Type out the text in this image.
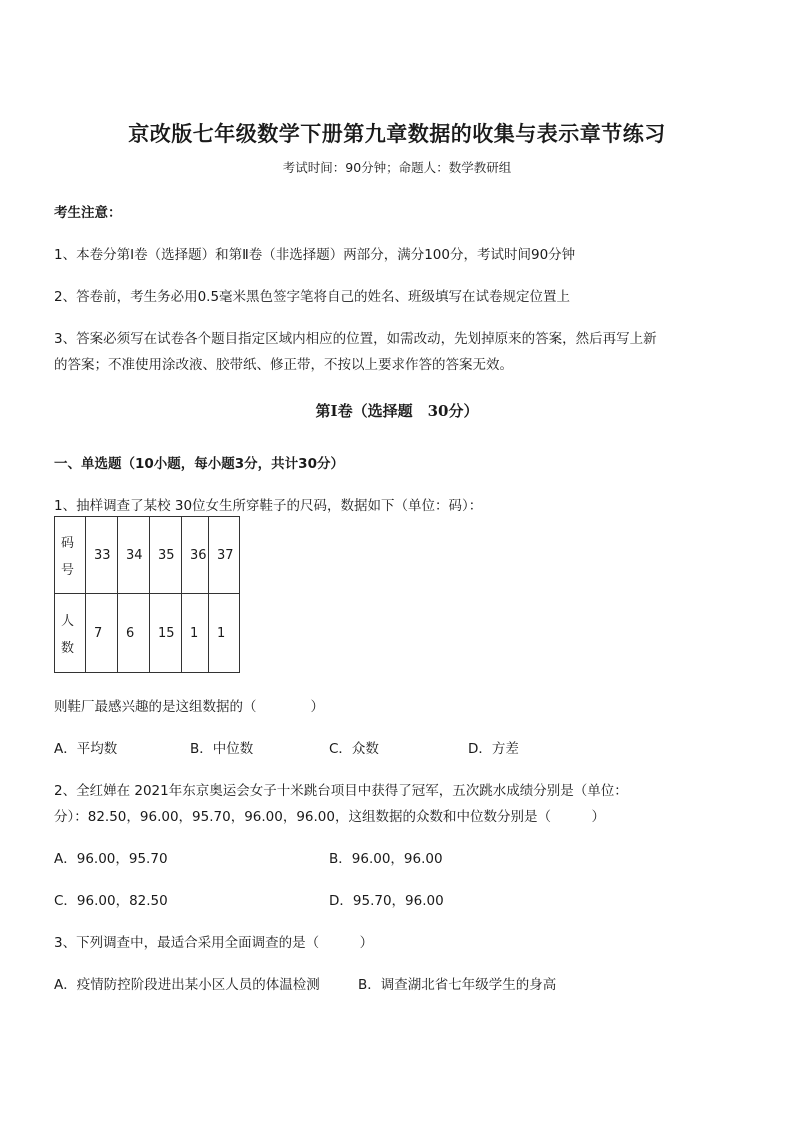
京改版七年级数学下册第九章数据的收集与表示章节练习
考试时间：90分钟；命题人：数学教研组
考生注意：
1、本卷分第Ⅰ卷（选择题）和第Ⅱ卷（非选择题）两部分，满分100分，考试时间90分钟
2、答卷前，考生务必用0.5毫米黑色签字笔将自己的姓名、班级填写在试卷规定位置上
3、答案必须写在试卷各个题目指定区域内相应的位置，如需改动，先划掉原来的答案，然后再写上新
的答案；不准使用涂改液、胶带纸、修正带，不按以上要求作答的答案无效。
第Ⅰ卷（选择题　30分）
一、单选题（10小题，每小题3分，共计30分）
1、抽样调查了某校 30位女生所穿鞋子的尺码，数据如下（单位：码）：
码
号	33	34	35	36	37

人
数	7	6	15	1	1
则鞋厂最感兴趣的是这组数据的（　　　　）
A．平均数	B．中位数	C．众数	D．方差
2、全红婵在 2021年东京奥运会女子十米跳台项目中获得了冠军，五次跳水成绩分别是（单位：
分）：82.50，96.00，95.70，96.00，96.00，这组数据的众数和中位数分别是（　　　）
A．96.00，95.70	B．96.00，96.00
C．96.00，82.50	D．95.70，96.00
3、下列调查中，最适合采用全面调查的是（　　　）
A．疫情防控阶段进出某小区人员的体温检测	B．调查湖北省七年级学生的身高
